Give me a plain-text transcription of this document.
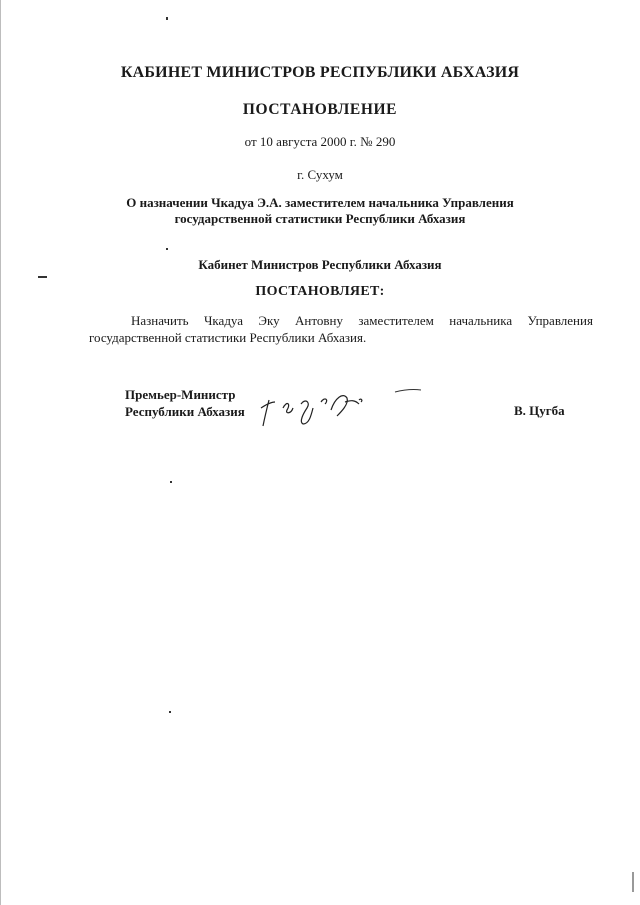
КАБИНЕТ МИНИСТРОВ РЕСПУБЛИКИ АБХАЗИЯ
ПОСТАНОВЛЕНИЕ
от 10 августа 2000 г. № 290
г. Сухум
О назначении Чкадуа Э.А. заместителем начальника Управления
государственной статистики Республики Абхазия
Кабинет Министров Республики Абхазия
ПОСТАНОВЛЯЕТ:
Назначить Чкадуа Эку Антовну заместителем начальника Управления
государственной статистики Республики Абхазия.
Премьер-Министр
Республики Абхазия	В. Цугба
